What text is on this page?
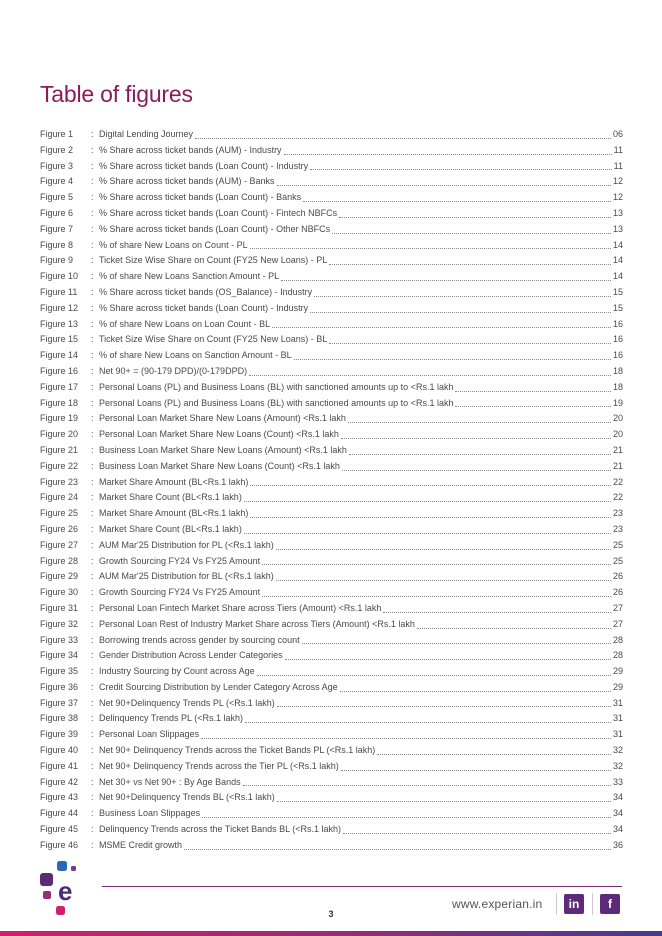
Table of figures
Figure 1	: Digital Lending Journey	06
Figure 2	: % Share across ticket bands (AUM) - Industry	11
Figure 3	: % Share across ticket bands (Loan Count) - Industry	11
Figure 4	: % Share across ticket bands (AUM) - Banks	12
Figure 5	: % Share across ticket bands (Loan Count) - Banks	12
Figure 6	: % Share across ticket bands (Loan Count) - Fintech NBFCs	13
Figure 7	: % Share across ticket bands (Loan Count) - Other NBFCs	13
Figure 8	: % of share New Loans on Count - PL	14
Figure 9	: Ticket Size Wise Share on Count (FY25 New Loans) - PL	14
Figure 10	: % of share New Loans Sanction Amount - PL	14
Figure 11	: % Share across ticket bands (OS_Balance) - Industry	15
Figure 12	: % Share across ticket bands (Loan Count) - Industry	15
Figure 13	: % of share New Loans on Loan Count - BL	16
Figure 15	: Ticket Size Wise Share on Count (FY25 New Loans) - BL	16
Figure 14	: % of share New Loans on Sanction Amount - BL	16
Figure 16	: Net 90+ = (90-179 DPD)/(0-179DPD)	18
Figure 17	: Personal Loans (PL) and Business Loans (BL) with sanctioned amounts up to <Rs.1 lakh	18
Figure 18	: Personal Loans (PL) and Business Loans (BL) with sanctioned amounts up to <Rs.1 lakh	19
Figure 19	: Personal Loan Market Share New Loans (Amount) <Rs.1 lakh	20
Figure 20	: Personal Loan Market Share New Loans (Count) <Rs.1 lakh	20
Figure 21	: Business Loan Market Share New Loans (Amount) <Rs.1 lakh	21
Figure 22	: Business Loan Market Share New Loans (Count) <Rs.1 lakh	21
Figure 23	: Market Share Amount (BL<Rs.1 lakh)	22
Figure 24	: Market Share Count (BL<Rs.1 lakh)	22
Figure 25	: Market Share Amount (BL<Rs.1 lakh)	23
Figure 26	: Market Share Count (BL<Rs.1 lakh)	23
Figure 27	: AUM Mar'25 Distribution for PL (<Rs.1 lakh)	25
Figure 28	: Growth Sourcing FY24 Vs FY25 Amount	25
Figure 29	: AUM Mar'25 Distribution for BL (<Rs.1 lakh)	26
Figure 30	: Growth Sourcing FY24 Vs FY25 Amount	26
Figure 31	: Personal Loan Fintech Market Share across Tiers (Amount) <Rs.1 lakh	27
Figure 32	: Personal Loan Rest of Industry Market Share across Tiers (Amount) <Rs.1 lakh	27
Figure 33	: Borrowing trends across gender by sourcing count	28
Figure 34	: Gender Distribution Across Lender Categories	28
Figure 35	: Industry Sourcing by Count across Age	29
Figure 36	: Credit Sourcing Distribution by Lender Category Across Age	29
Figure 37	: Net 90+Delinquency Trends PL (<Rs.1 lakh)	31
Figure 38	: Delinquency Trends PL (<Rs.1 lakh)	31
Figure 39	: Personal Loan Slippages	31
Figure 40	: Net 90+ Delinquency Trends across the Ticket Bands PL (<Rs.1 lakh)	32
Figure 41	: Net 90+ Delinquency Trends across the Tier PL (<Rs.1 lakh)	32
Figure 42	: Net 30+ vs Net 90+ : By Age Bands	33
Figure 43	: Net 90+Delinquency Trends BL (<Rs.1 lakh)	34
Figure 44	: Business Loan Slippages	34
Figure 45	: Delinquency Trends across the Ticket Bands BL (<Rs.1 lakh)	34
Figure 46	: MSME Credit growth	36
e
3
www.experian.in	in	f
